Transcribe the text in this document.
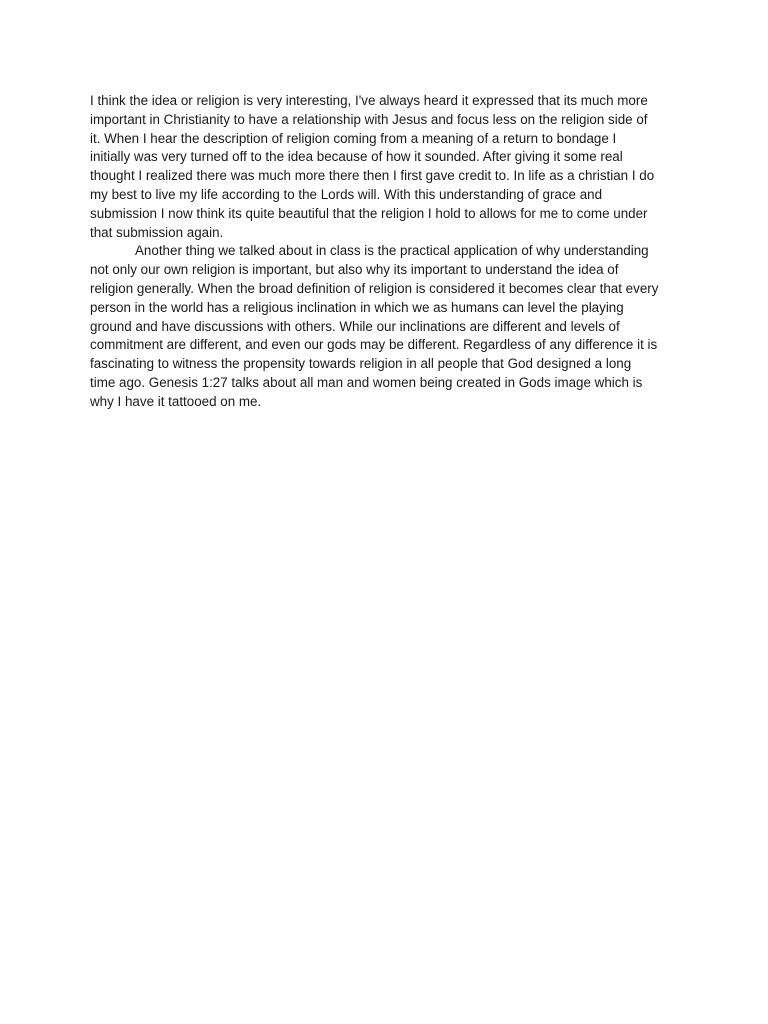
I think the idea or religion is very interesting, I've always heard it expressed that its much more
important in Christianity to have a relationship with Jesus and focus less on the religion side of
it. When I hear the description of religion coming from a meaning of a return to bondage I
initially was very turned off to the idea because of how it sounded. After giving it some real
thought I realized there was much more there then I first gave credit to. In life as a christian I do
my best to live my life according to the Lords will. With this understanding of grace and
submission I now think its quite beautiful that the religion I hold to allows for me to come under
that submission again.
Another thing we talked about in class is the practical application of why understanding
not only our own religion is important, but also why its important to understand the idea of
religion generally. When the broad definition of religion is considered it becomes clear that every
person in the world has a religious inclination in which we as humans can level the playing
ground and have discussions with others. While our inclinations are different and levels of
commitment are different, and even our gods may be different. Regardless of any difference it is
fascinating to witness the propensity towards religion in all people that God designed a long
time ago. Genesis 1:27 talks about all man and women being created in Gods image which is
why I have it tattooed on me.
